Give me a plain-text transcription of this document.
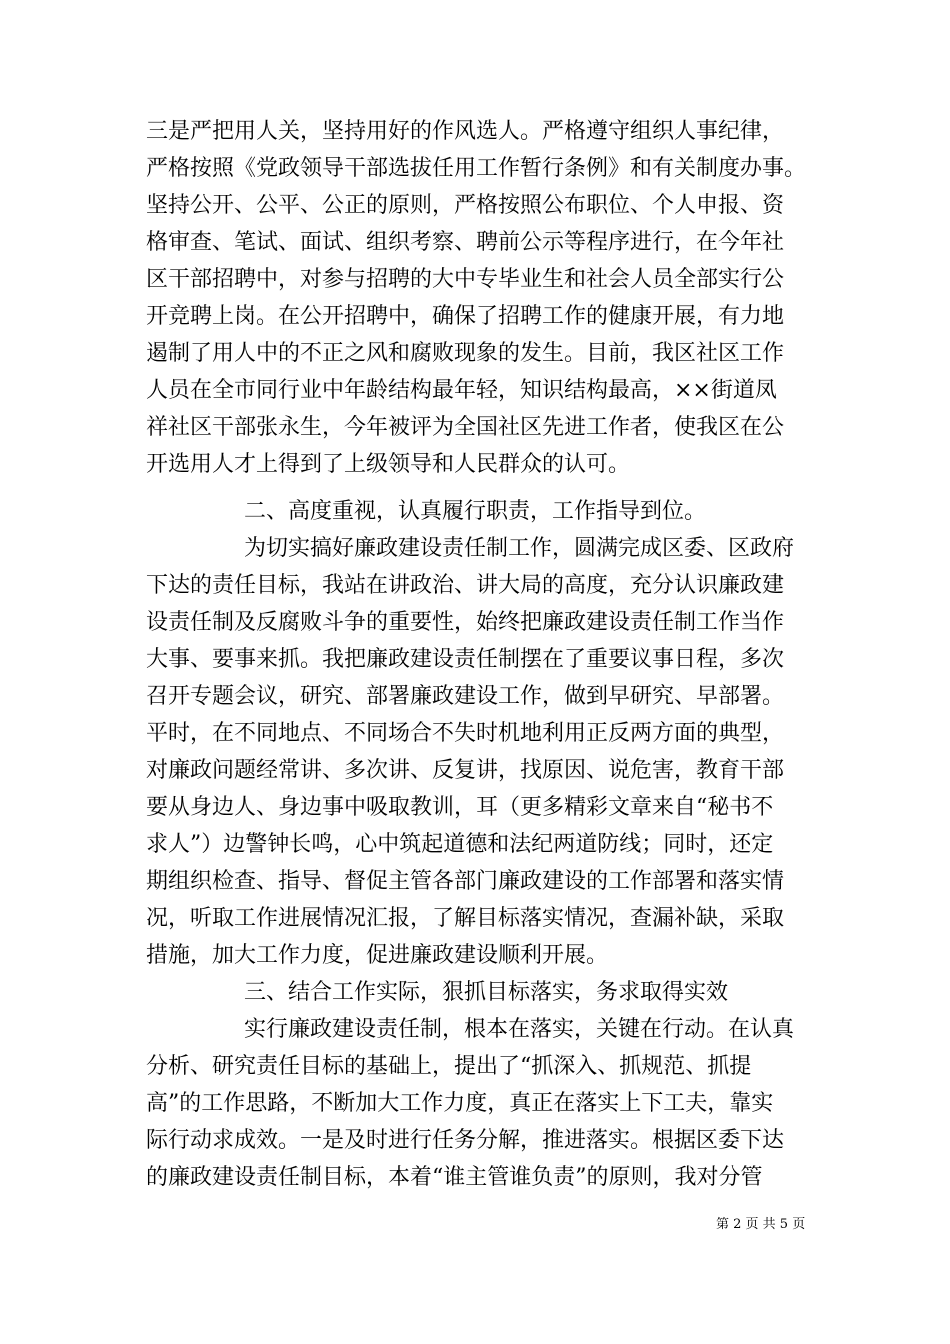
三是严把用人关，坚持用好的作风选人。严格遵守组织人事纪律，
严格按照《党政领导干部选拔任用工作暂行条例》和有关制度办事。
坚持公开、公平、公正的原则，严格按照公布职位、个人申报、资
格审查、笔试、面试、组织考察、聘前公示等程序进行，在今年社
区干部招聘中，对参与招聘的大中专毕业生和社会人员全部实行公
开竞聘上岗。在公开招聘中，确保了招聘工作的健康开展，有力地
遏制了用人中的不正之风和腐败现象的发生。目前，我区社区工作
人员在全市同行业中年龄结构最年轻，知识结构最高，××街道凤
祥社区干部张永生，今年被评为全国社区先进工作者，使我区在公
开选用人才上得到了上级领导和人民群众的认可。
二、高度重视，认真履行职责，工作指导到位。
为切实搞好廉政建设责任制工作，圆满完成区委、区政府
下达的责任目标，我站在讲政治、讲大局的高度，充分认识廉政建
设责任制及反腐败斗争的重要性，始终把廉政建设责任制工作当作
大事、要事来抓。我把廉政建设责任制摆在了重要议事日程，多次
召开专题会议，研究、部署廉政建设工作，做到早研究、早部署。
平时，在不同地点、不同场合不失时机地利用正反两方面的典型，
对廉政问题经常讲、多次讲、反复讲，找原因、说危害，教育干部
要从身边人、身边事中吸取教训，耳（更多精彩文章来自“秘书不
求人”）边警钟长鸣，心中筑起道德和法纪两道防线；同时，还定
期组织检查、指导、督促主管各部门廉政建设的工作部署和落实情
况，听取工作进展情况汇报，了解目标落实情况，查漏补缺，采取
措施，加大工作力度，促进廉政建设顺利开展。
三、结合工作实际，狠抓目标落实，务求取得实效
实行廉政建设责任制，根本在落实，关键在行动。在认真
分析、研究责任目标的基础上，提出了“抓深入、抓规范、抓提
高”的工作思路，不断加大工作力度，真正在落实上下工夫，靠实
际行动求成效。一是及时进行任务分解，推进落实。根据区委下达
的廉政建设责任制目标，本着“谁主管谁负责”的原则，我对分管
第 2 页 共 5 页
